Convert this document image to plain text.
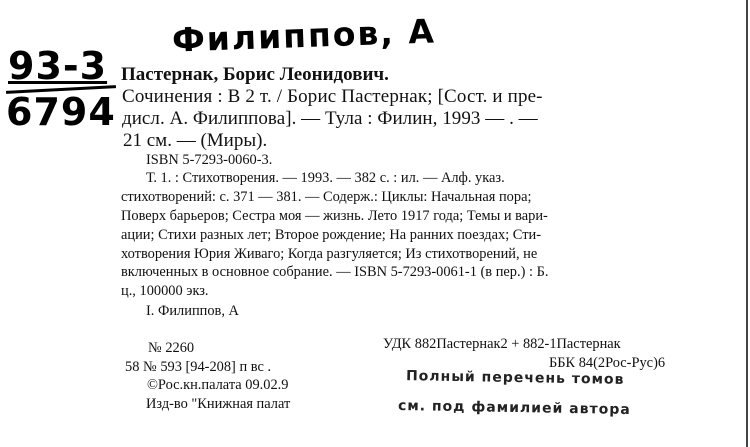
Филиппов, А
93-3
6794
Пастернак, Борис Леонидович.
Сочинения : В 2 т. / Борис Пастернак; [Сост. и пре-
дисл. А. Филиппова]. — Тула : Филин, 1993 — . —
21 см. — (Миры).
ISBN 5-7293-0060-3.
Т. 1. : Стихотворения. — 1993. — 382 с. : ил. — Алф. указ.
стихотворений: с. 371 — 381. — Содерж.: Циклы: Начальная пора;
Поверх барьеров; Сестра моя — жизнь. Лето 1917 года; Темы и вари-
ации; Стихи разных лет; Второе рождение; На ранних поездах; Сти-
хотворения Юрия Живаго; Когда разгуляется; Из стихотворений, не
включенных в основное собрание. — ISBN 5-7293-0061-1 (в пер.) : Б.
ц., 100000 экз.
I. Филиппов, А
№ 2260
58 № 593 [94-208] п вс .
©Рос.кн.палата 09.02.9
Изд-во "Книжная палат
УДК 882Пастернак2 + 882-1Пастернак
ББК 84(2Рос-Рус)6
Полный перечень томов
см. под фамилией автора
